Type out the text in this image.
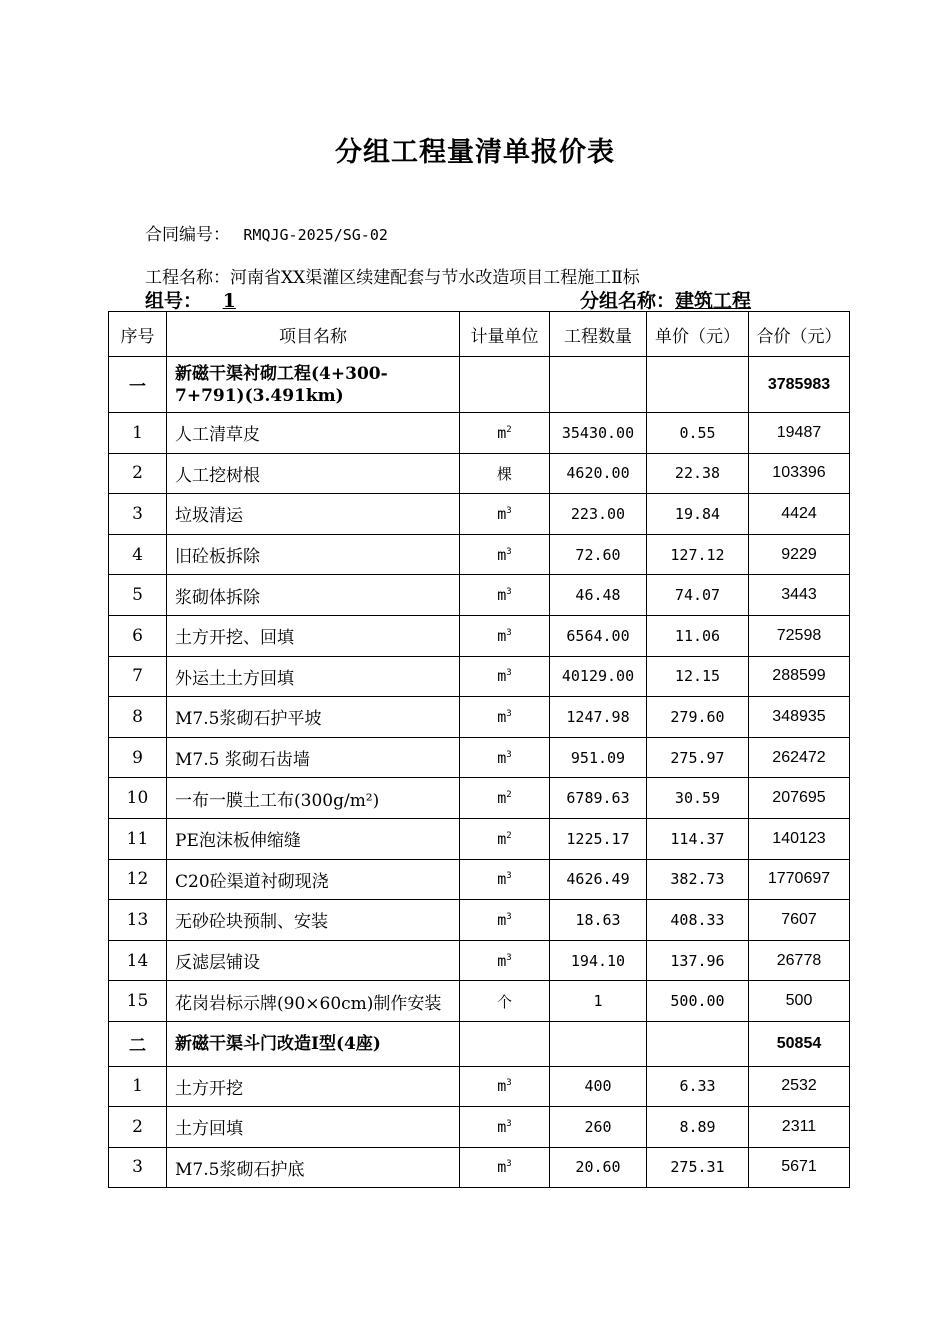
分组工程量清单报价表
合同编号： RMQJG-2025/SG-02
工程名称：河南省XX渠灌区续建配套与节水改造项目工程施工Ⅱ标
组号： 1	分组名称：建筑工程
序号	项目名称	计量单位	工程数量	单价（元）	合价（元）
一	新磁干渠衬砌工程(4+300-7+791)(3.491km)				3785983
1	人工清草皮	$m^2$	35430.00	0.55	19487
2	人工挖树根	棵	4620.00	22.38	103396
3	垃圾清运	$m^3$	223.00	19.84	4424
4	旧砼板拆除	$m^3$	72.60	127.12	9229
5	浆砌体拆除	$m^3$	46.48	74.07	3443
6	土方开挖、回填	$m^3$	6564.00	11.06	72598
7	外运土土方回填	$m^3$	40129.00	12.15	288599
8	M7.5浆砌石护平坡	$m^3$	1247.98	279.60	348935
9	M7.5 浆砌石齿墙	$m^3$	951.09	275.97	262472
10	一布一膜土工布(300g/m²)	$m^2$	6789.63	30.59	207695
11	PE泡沫板伸缩缝	$m^2$	1225.17	114.37	140123
12	C20砼渠道衬砌现浇	$m^3$	4626.49	382.73	1770697
13	无砂砼块预制、安装	$m^3$	18.63	408.33	7607
14	反滤层铺设	$m^3$	194.10	137.96	26778
15	花岗岩标示牌(90×60cm)制作安装	个	1	500.00	500
二	新磁干渠斗门改造Ⅰ型(4座)				50854
1	土方开挖	$m^3$	400	6.33	2532
2	土方回填	$m^3$	260	8.89	2311
3	M7.5浆砌石护底	$m^3$	20.60	275.31	5671
